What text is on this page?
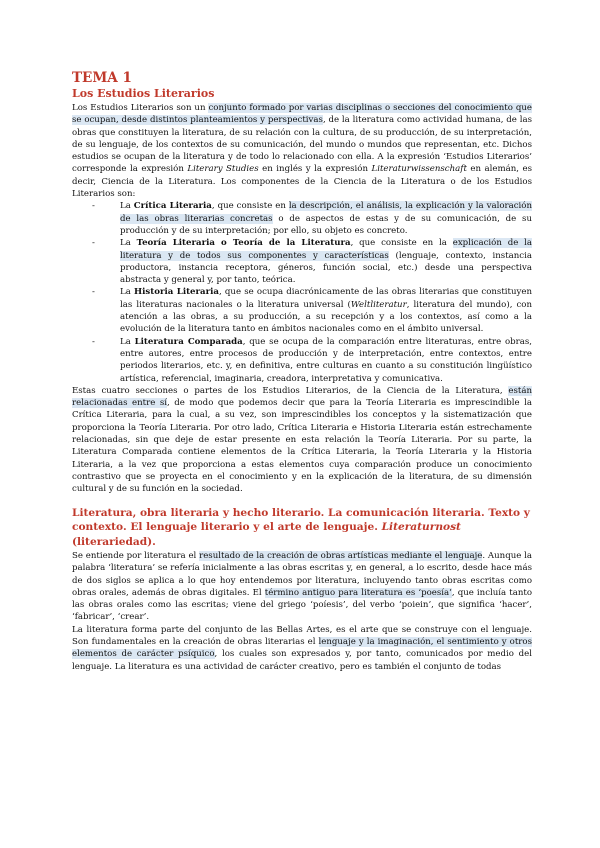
TEMA 1
Los Estudios Literarios

Los Estudios Literarios son un conjunto formado por varias disciplinas o secciones del conocimiento que se ocupan, desde distintos planteamientos y perspectivas, de la literatura como actividad humana, de las obras que constituyen la literatura, de su relación con la cultura, de su producción, de su interpretación, de su lenguaje, de los contextos de su comunicación, del mundo o mundos que representan, etc. Dichos estudios se ocupan de la literatura y de todo lo relacionado con ella. A la expresión ‘Estudios Literarios’ corresponde la expresión Literary Studies en inglés y la expresión Literaturwissenschaft en alemán, es decir, Ciencia de la Literatura. Los componentes de la Ciencia de la Literatura o de los Estudios Literarios son:

- La Crítica Literaria, que consiste en la descripción, el análisis, la explicación y la valoración de las obras literarias concretas o de aspectos de estas y de su comunicación, de su producción y de su interpretación; por ello, su objeto es concreto.
- La Teoría Literaria o Teoría de la Literatura, que consiste en la explicación de la literatura y de todos sus componentes y características (lenguaje, contexto, instancia productora, instancia receptora, géneros, función social, etc.) desde una perspectiva abstracta y general y, por tanto, teórica.
- La Historia Literaria, que se ocupa diacrónicamente de las obras literarias que constituyen las literaturas nacionales o la literatura universal (Weltliteratur, literatura del mundo), con atención a las obras, a su producción, a su recepción y a los contextos, así como a la evolución de la literatura tanto en ámbitos nacionales como en el ámbito universal.
- La Literatura Comparada, que se ocupa de la comparación entre literaturas, entre obras, entre autores, entre procesos de producción y de interpretación, entre contextos, entre periodos literarios, etc. y, en definitiva, entre culturas en cuanto a su constitución lingüístico artística, referencial, imaginaria, creadora, interpretativa y comunicativa.

Estas cuatro secciones o partes de los Estudios Literarios, de la Ciencia de la Literatura, están relacionadas entre sí, de modo que podemos decir que para la Teoría Literaria es imprescindible la Crítica Literaria, para la cual, a su vez, son imprescindibles los conceptos y la sistematización que proporciona la Teoría Literaria. Por otro lado, Crítica Literaria e Historia Literaria están estrechamente relacionadas, sin que deje de estar presente en esta relación la Teoría Literaria. Por su parte, la Literatura Comparada contiene elementos de la Crítica Literaria, la Teoría Literaria y la Historia Literaria, a la vez que proporciona a estas elementos cuya comparación produce un conocimiento contrastivo que se proyecta en el conocimiento y en la explicación de la literatura, de su dimensión cultural y de su función en la sociedad.

Literatura, obra literaria y hecho literario. La comunicación literaria. Texto y contexto. El lenguaje literario y el arte de lenguaje. Literaturnost (literariedad).

Se entiende por literatura el resultado de la creación de obras artísticas mediante el lenguaje. Aunque la palabra ‘literatura’ se refería inicialmente a las obras escritas y, en general, a lo escrito, desde hace más de dos siglos se aplica a lo que hoy entendemos por literatura, incluyendo tanto obras escritas como obras orales, además de obras digitales. El término antiguo para literatura es ‘poesía’, que incluía tanto las obras orales como las escritas; viene del griego ‘poíesis’, del verbo ‘poiein’, que significa ‘hacer’, ‘fabricar’, ‘crear’.

La literatura forma parte del conjunto de las Bellas Artes, es el arte que se construye con el lenguaje. Son fundamentales en la creación de obras literarias el lenguaje y la imaginación, el sentimiento y otros elementos de carácter psíquico, los cuales son expresados y, por tanto, comunicados por medio del lenguaje. La literatura es una actividad de carácter creativo, pero es también el conjunto de todas
